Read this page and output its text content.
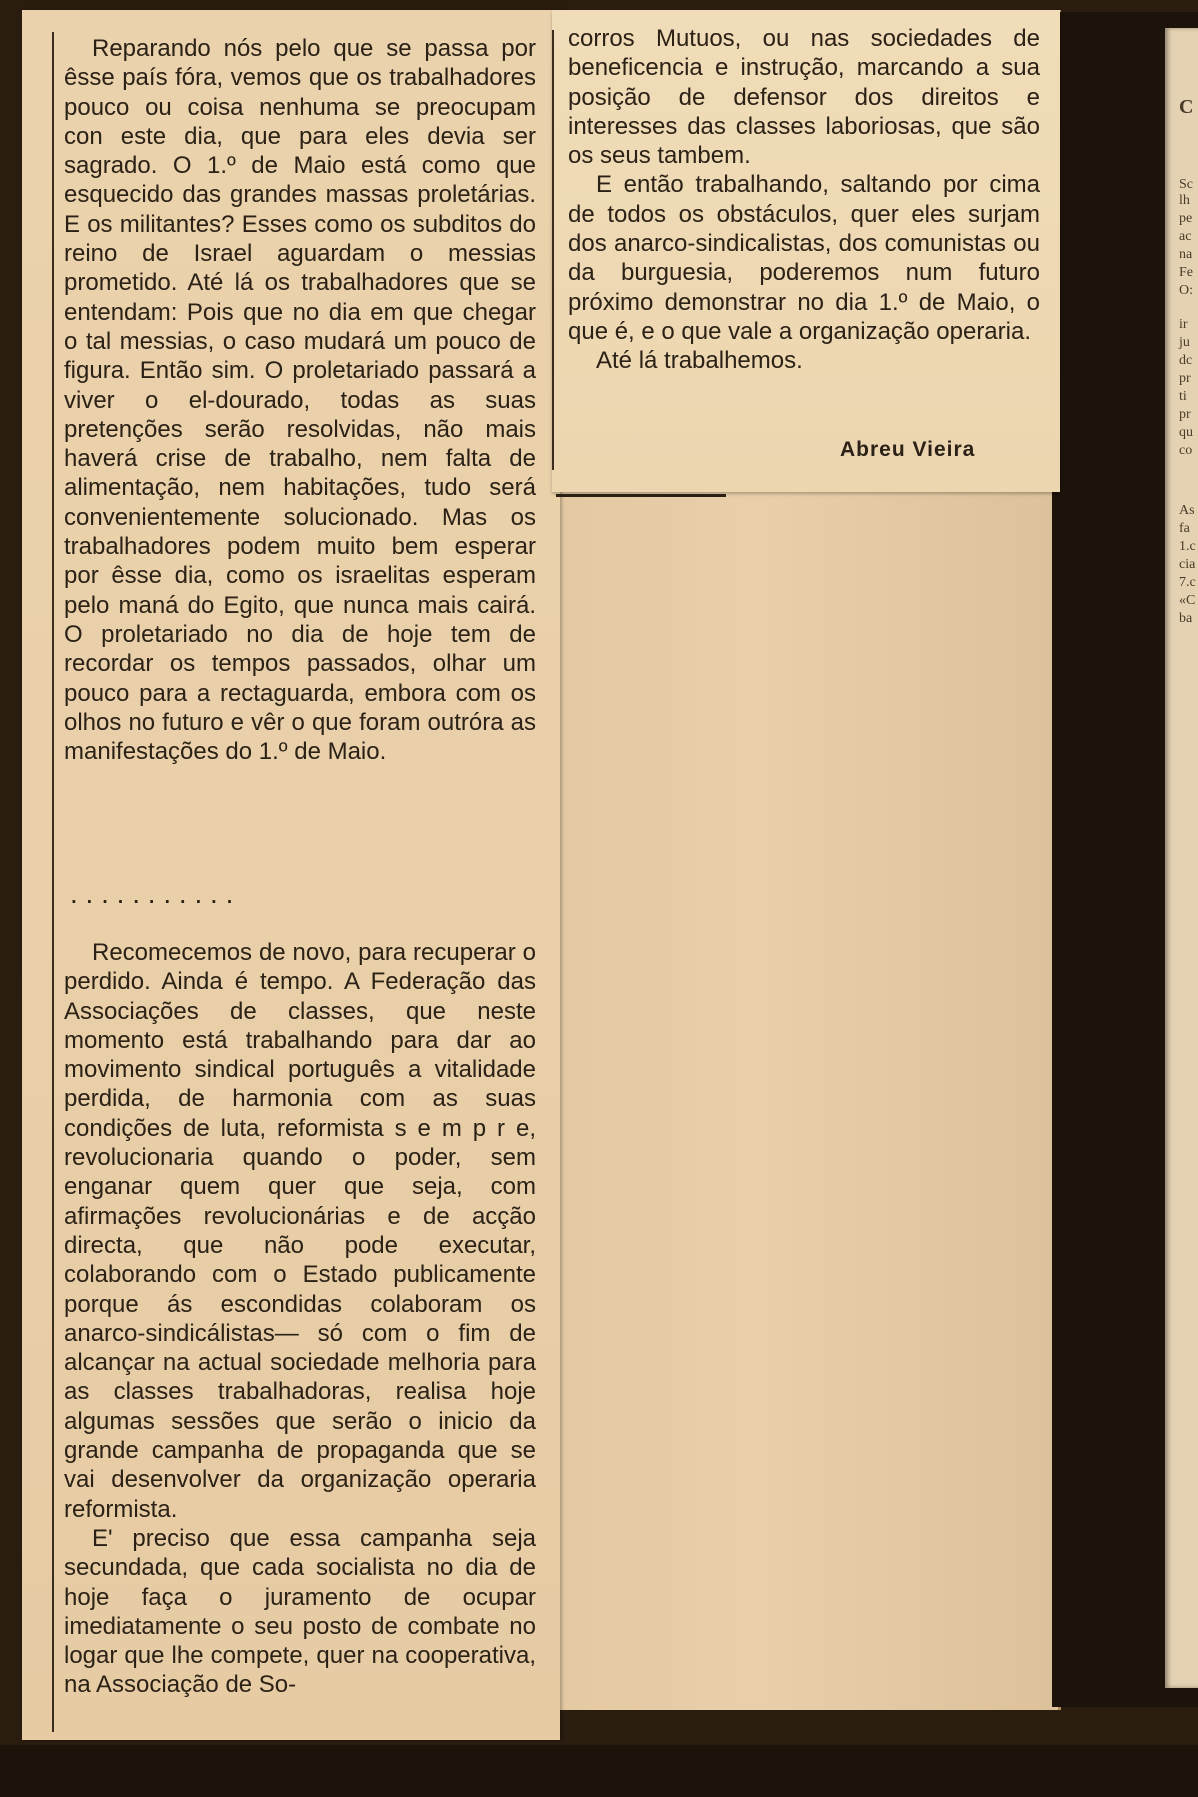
C
Sc
lh
pe
ac
na
Fe
O:
ir
ju
dc
pr
ti
pr
qu
co
As
fa
1.c
cia
7.c
«C
ba

Reparando nós pelo que se passa por êsse país fóra, vemos que os trabalhadores pouco ou coisa nenhuma se preocupam con este dia, que para eles devia ser sagrado. O 1.º de Maio está como que esquecido das grandes massas proletárias. E os militantes? Esses como os subditos do reino de Israel aguardam o messias prometido. Até lá os trabalhadores que se entendam: Pois que no dia em que chegar o tal messias, o caso mudará um pouco de figura. Então sim. O proletariado passará a viver o el-dourado, todas as suas pretenções serão resolvidas, não mais haverá crise de trabalho, nem falta de alimentação, nem habitações, tudo será convenientemente solucionado. Mas os trabalhadores podem muito bem esperar por êsse dia, como os israelitas esperam pelo maná do Egito, que nunca mais cairá. O proletariado no dia de hoje tem de recordar os tempos passados, olhar um pouco para a rectaguarda, embora com os olhos no futuro e vêr o que foram outróra as manifestações do 1.º de Maio.

. . . . . . . . . . .

Recomecemos de novo, para recuperar o perdido. Ainda é tempo. A Federação das Associações de classes, que neste momento está trabalhando para dar ao movimento sindical português a vitalidade perdida, de harmonia com as suas condições de luta, reformista s e m p r e, revolucionaria quando o poder, sem enganar quem quer que seja, com afirmações revolucionárias e de acção directa, que não pode executar, colaborando com o Estado publicamente porque ás escondidas colaboram os anarco-sindicálistas— só com o fim de alcançar na actual sociedade melhoria para as classes trabalhadoras, realisa hoje algumas sessões que serão o inicio da grande campanha de propaganda que se vai desenvolver da organização operaria reformista.

E' preciso que essa campanha seja secundada, que cada socialista no dia de hoje faça o juramento de ocupar imediatamente o seu posto de combate no logar que lhe compete, quer na cooperativa, na Associação de So-

corros Mutuos, ou nas sociedades de beneficencia e instrução, marcando a sua posição de defensor dos direitos e interesses das classes laboriosas, que são os seus tambem.

E então trabalhando, saltando por cima de todos os obstáculos, quer eles surjam dos anarco-sindicalistas, dos comunistas ou da burguesia, poderemos num futuro próximo demonstrar no dia 1.º de Maio, o que é, e o que vale a organização operaria.

Até lá trabalhemos.

Abreu Vieira
